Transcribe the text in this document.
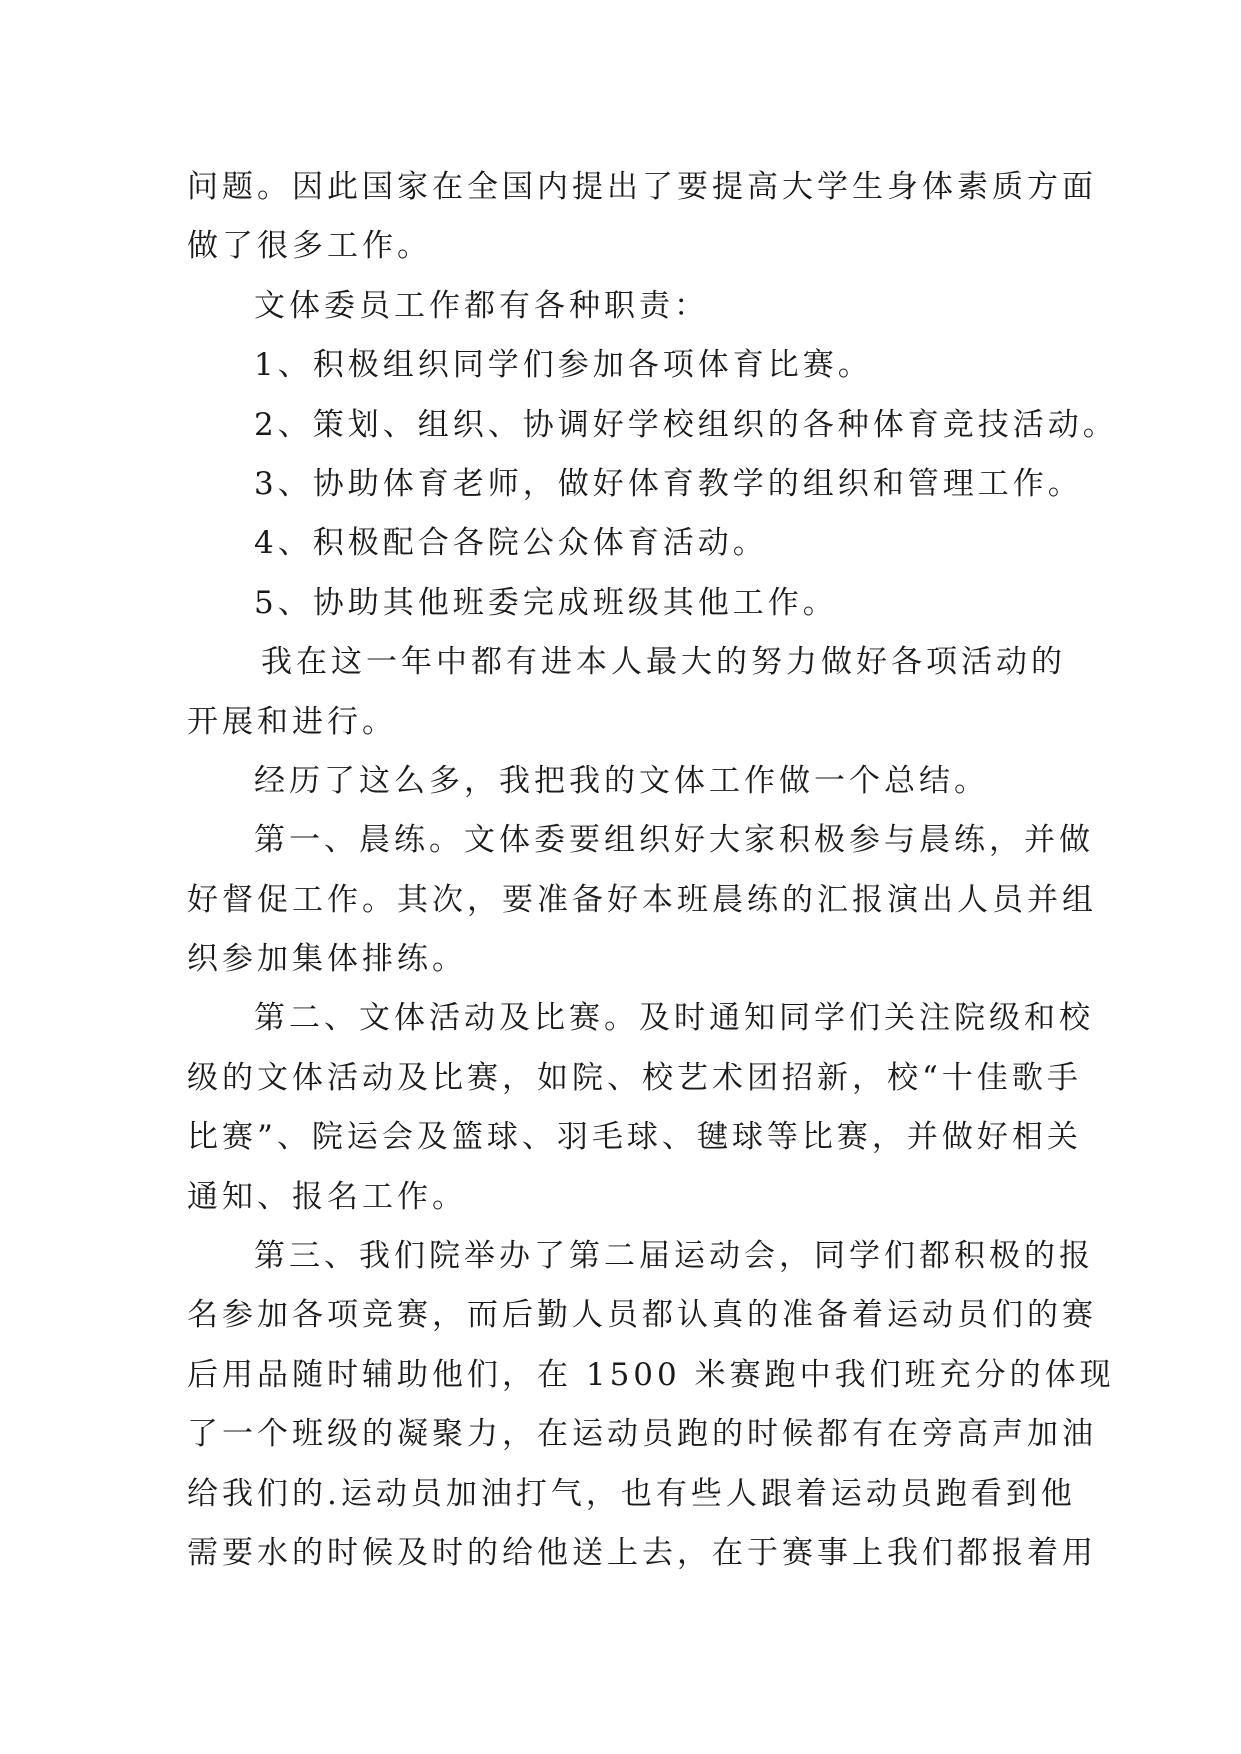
问题。因此国家在全国内提出了要提高大学生身体素质方面
做了很多工作。
文体委员工作都有各种职责：
1、积极组织同学们参加各项体育比赛。
2、策划、组织、协调好学校组织的各种体育竞技活动。
3、协助体育老师，做好体育教学的组织和管理工作。
4、积极配合各院公众体育活动。
5、协助其他班委完成班级其他工作。
我在这一年中都有进本人最大的努力做好各项活动的
开展和进行。
经历了这么多，我把我的文体工作做一个总结。
第一、晨练。文体委要组织好大家积极参与晨练，并做
好督促工作。其次，要准备好本班晨练的汇报演出人员并组
织参加集体排练。
第二、文体活动及比赛。及时通知同学们关注院级和校
级的文体活动及比赛，如院、校艺术团招新，校“十佳歌手
比赛”、院运会及篮球、羽毛球、毽球等比赛，并做好相关
通知、报名工作。
第三、我们院举办了第二届运动会，同学们都积极的报
名参加各项竞赛，而后勤人员都认真的准备着运动员们的赛
后用品随时辅助他们，在 1500 米赛跑中我们班充分的体现
了一个班级的凝聚力，在运动员跑的时候都有在旁高声加油
给我们的.运动员加油打气，也有些人跟着运动员跑看到他
需要水的时候及时的给他送上去，在于赛事上我们都报着用
